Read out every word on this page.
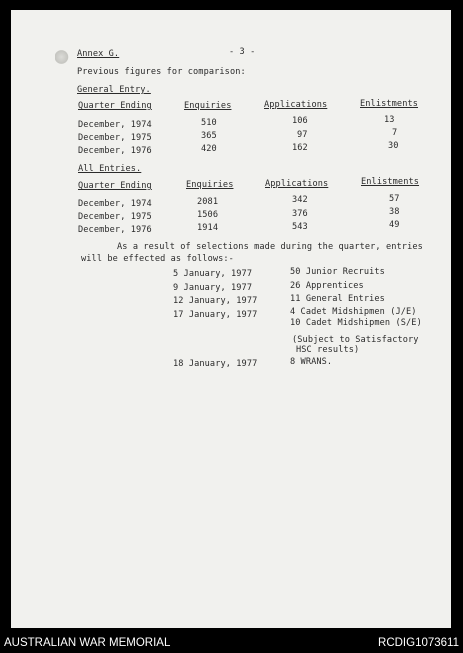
Annex G.	- 3 -
Previous figures for comparison:
General Entry.
Quarter Ending	Enquiries	Applications	Enlistments
December, 1974	510	106	13
December, 1975	365	97	7
December, 1976	420	162	30
All Entries.
Quarter Ending	Enquiries	Applications	Enlistments
December, 1974	2081	342	57
December, 1975	1506	376	38
December, 1976	1914	543	49
As a result of selections made during the quarter, entries
will be effected as follows:-
5 January, 1977	50 Junior Recruits
9 January, 1977	26 Apprentices
12 January, 1977	11 General Entries
17 January, 1977	4 Cadet Midshipmen (J/E)
10 Cadet Midshipmen (S/E)
(Subject to Satisfactory
HSC results)
18 January, 1977	8 WRANS.
AUSTRALIAN WAR MEMORIAL	RCDIG1073611
